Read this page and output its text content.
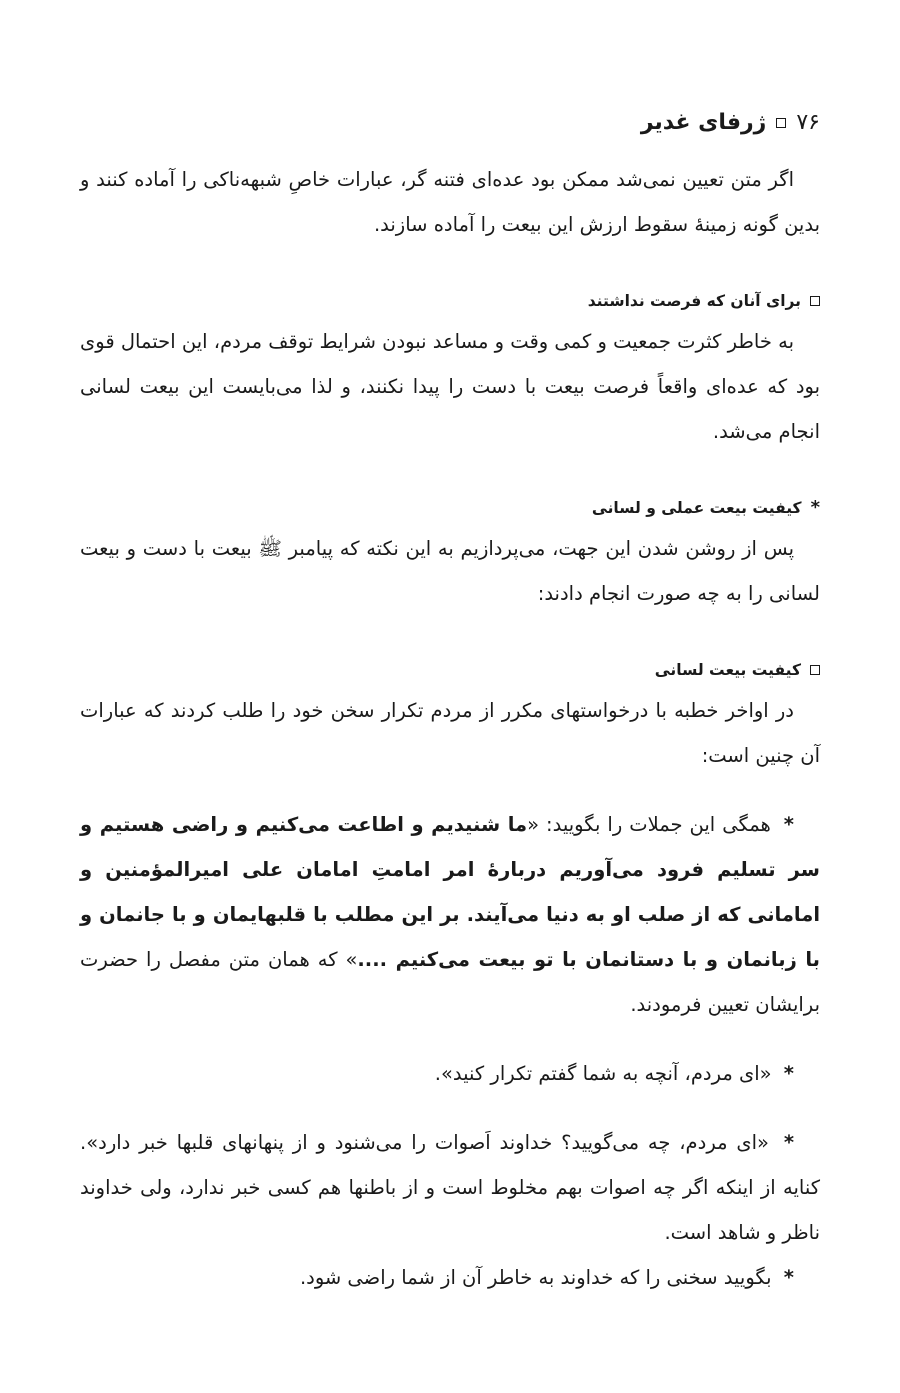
۷۶
ژرفای غدیر

اگر متن تعیین نمی‌شد ممکن بود عده‌ای فتنه گر، عبارات خاصِ شبهه‌ناکی را آماده کنند و بدین گونه زمینهٔ سقوط ارزش این بیعت را آماده سازند.

برای آنان که فرصت نداشتند

به خاطر کثرت جمعیت و کمی وقت و مساعد نبودن شرایط توقف مردم، این احتمال قوی بود که عده‌ای واقعاً فرصت بیعت با دست را پیدا نکنند، و لذا می‌بایست این بیعت لسانی انجام می‌شد.

*
کیفیت بیعت عملی و لسانی

پس از روشن شدن این جهت، می‌پردازیم به این نکته که پیامبر ﷺ بیعت با دست و بیعت لسانی را به چه صورت انجام دادند:

کیفیت بیعت لسانی

در اواخر خطبه با درخواستهای مکرر از مردم تکرار سخن خود را طلب کردند که عبارات آن چنین است:

* همگی این جملات را بگویید: «ما شنیدیم و اطاعت می‌کنیم و راضی هستیم و سر تسلیم فرود می‌آوریم دربارهٔ امر امامتِ امامان علی امیرالمؤمنین و امامانی که از صلب او به دنیا می‌آیند. بر این مطلب با قلبهایمان و با جانمان و با زبانمان و با دستانمان با تو بیعت می‌کنیم ....» که همان متن مفصل را حضرت برایشان تعیین فرمودند.

* «ای مردم، آنچه به شما گفتم تکرار کنید».

* «ای مردم، چه می‌گویید؟ خداوند اَصوات را می‌شنود و از پنهانهای قلبها خبر دارد». کنایه از اینکه اگر چه اصوات بهم مخلوط است و از باطنها هم کسی خبر ندارد، ولی خداوند ناظر و شاهد است.

* بگویید سخنی را که خداوند به خاطر آن از شما راضی شود.
